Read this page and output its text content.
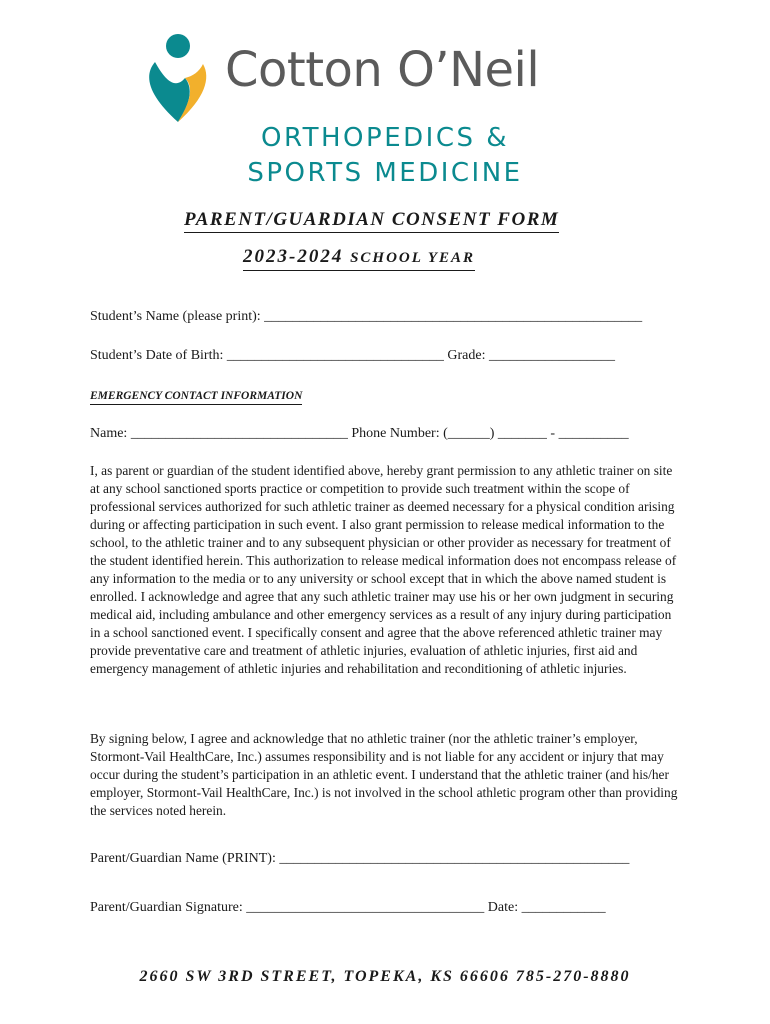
Cotton O’Neil
ORTHOPEDICS &
SPORTS MEDICINE
PARENT/GUARDIAN CONSENT FORM
2023-2024 SCHOOL YEAR
Student’s Name (please print): ______________________________________________________
Student’s Date of Birth: _______________________________ Grade: __________________
EMERGENCY CONTACT INFORMATION
Name: _______________________________ Phone Number: (______) _______ - __________

I, as parent or guardian of the student identified above, hereby grant permission to any athletic trainer on site at any school sanctioned sports practice or competition to provide such treatment within the scope of professional services authorized for such athletic trainer as deemed necessary for a physical condition arising during or affecting participation in such event. I also grant permission to release medical information to the school, to the athletic trainer and to any subsequent physician or other provider as necessary for treatment of the student identified herein. This authorization to release medical information does not encompass release of any information to the media or to any university or school except that in which the above named student is enrolled. I acknowledge and agree that any such athletic trainer may use his or her own judgment in securing medical aid, including ambulance and other emergency services as a result of any injury during participation in a school sanctioned event. I specifically consent and agree that the above referenced athletic trainer may provide preventative care and treatment of athletic injuries, evaluation of athletic injuries, first aid and emergency management of athletic injuries and rehabilitation and reconditioning of athletic injuries.

By signing below, I agree and acknowledge that no athletic trainer (nor the athletic trainer’s employer, Stormont-Vail HealthCare, Inc.) assumes responsibility and is not liable for any accident or injury that may occur during the student’s participation in an athletic event. I understand that the athletic trainer (and his/her employer, Stormont-Vail HealthCare, Inc.) is not involved in the school athletic program other than providing the services noted herein.

Parent/Guardian Name (PRINT): __________________________________________________
Parent/Guardian Signature: __________________________________ Date: ____________
2660 SW 3RD STREET, TOPEKA, KS 66606 785-270-8880
